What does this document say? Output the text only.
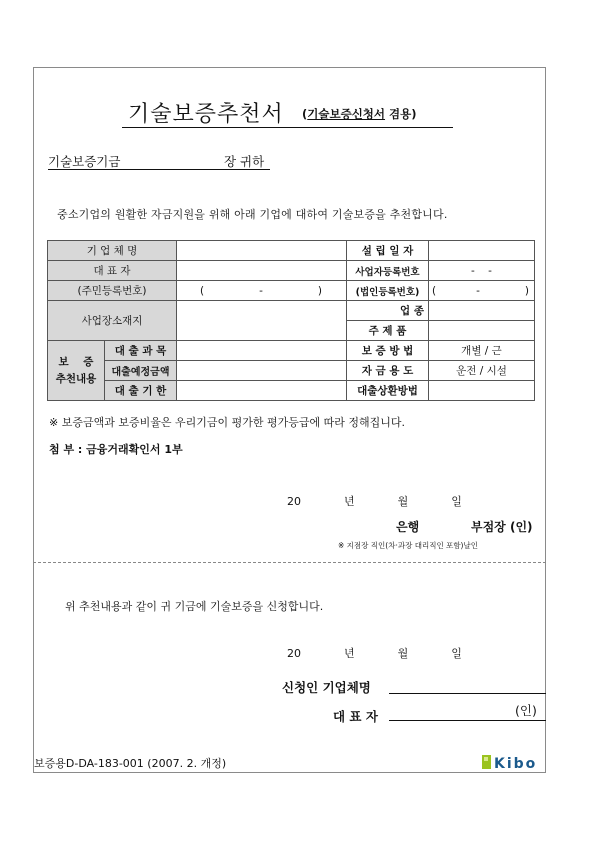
기술보증추천서 (기술보증신청서 겸용)
기술보증기금	장 귀하
중소기업의 원활한 자금지원을 위해 아래 기업에 대하여 기술보증을 추천합니다.
기 업 체 명			설 립 일 자	
대 표 자			사업자등록번호	-    -
(주민등록번호)		( - )	(법인등록번호)	( - )
사업장소재지			업 종	
			주 제 품	
보    증
추천내용	대 출 과 목		보 증 방 법	개별 / 근
	대출예정금액		자 금 용 도	운전 / 시설
	대 출 기 한		대출상환방법	
※ 보증금액과 보증비율은 우리기금이 평가한 평가등급에 따라 정해집니다.
첨 부 : 금융거래확인서 1부
20  년  월  일
은행	부점장 (인)
※ 지점장 직인(차·과장 대리직인 포함)날인
위 추천내용과 같이 귀 기금에 기술보증을 신청합니다.
20  년  월  일
신청인 기업체명
대 표 자	(인)
보증용D-DA-183-001 (2007. 2. 개정)	Kibo
